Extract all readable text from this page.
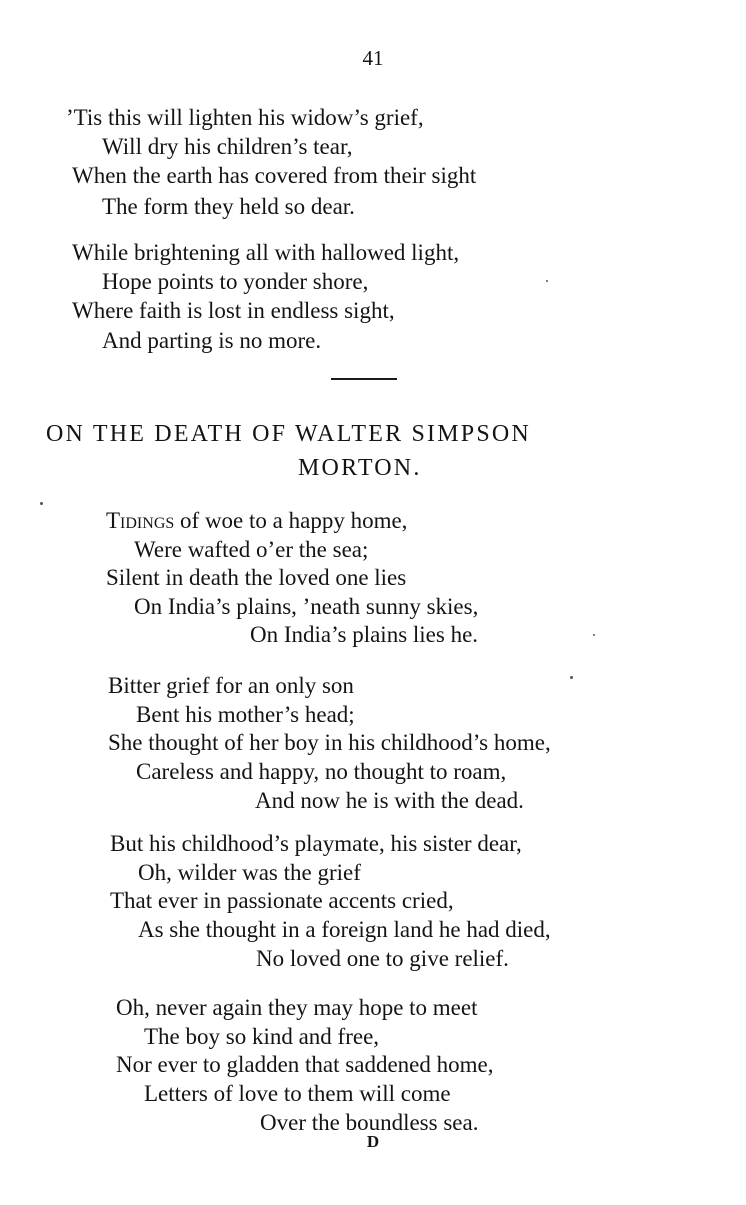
41
’Tis this will lighten his widow’s grief,
Will dry his children’s tear,
When the earth has covered from their sight
The form they held so dear.
While brightening all with hallowed light,
Hope points to yonder shore,
Where faith is lost in endless sight,
And parting is no more.
ON THE DEATH OF WALTER SIMPSON
MORTON.
Tidings of woe to a happy home,
Were wafted o’er the sea;
Silent in death the loved one lies
On India’s plains, ’neath sunny skies,
On India’s plains lies he.
Bitter grief for an only son
Bent his mother’s head;
She thought of her boy in his childhood’s home,
Careless and happy, no thought to roam,
And now he is with the dead.
But his childhood’s playmate, his sister dear,
Oh, wilder was the grief
That ever in passionate accents cried,
As she thought in a foreign land he had died,
No loved one to give relief.
Oh, never again they may hope to meet
The boy so kind and free,
Nor ever to gladden that saddened home,
Letters of love to them will come
Over the boundless sea.
D
